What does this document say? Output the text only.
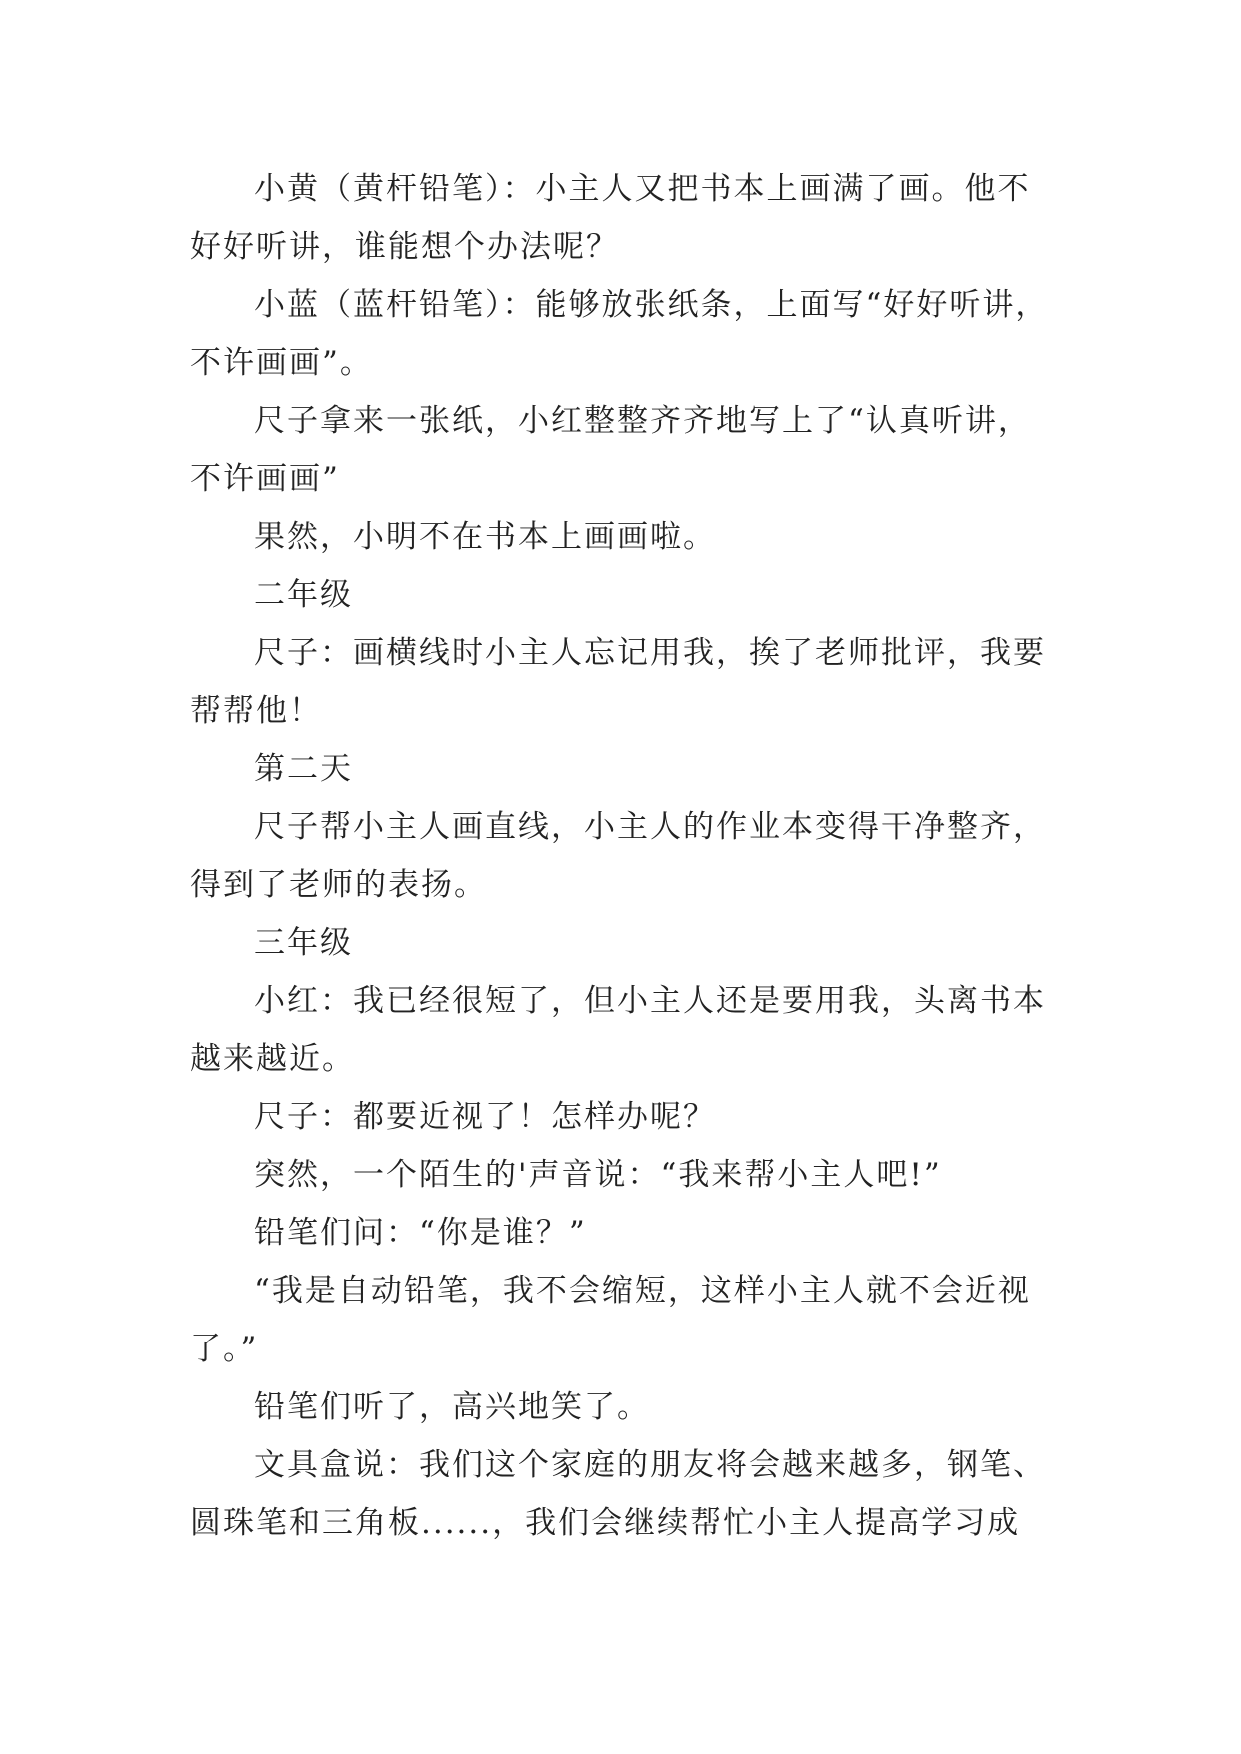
小黄（黄杆铅笔）：小主人又把书本上画满了画。他不好好听讲，谁能想个办法呢？

小蓝（蓝杆铅笔）：能够放张纸条，上面写“好好听讲，不许画画”。

尺子拿来一张纸，小红整整齐齐地写上了“认真听讲，不许画画”

果然，小明不在书本上画画啦。

二年级

尺子：画横线时小主人忘记用我，挨了老师批评，我要帮帮他！

第二天

尺子帮小主人画直线，小主人的作业本变得干净整齐，得到了老师的表扬。

三年级

小红：我已经很短了，但小主人还是要用我，头离书本越来越近。

尺子：都要近视了！怎样办呢？

突然，一个陌生的'声音说：“我来帮小主人吧!”

铅笔们问：“你是谁？”

“我是自动铅笔，我不会缩短，这样小主人就不会近视了。”

铅笔们听了，高兴地笑了。

文具盒说：我们这个家庭的朋友将会越来越多，钢笔、圆珠笔和三角板......，我们会继续帮忙小主人提高学习成
